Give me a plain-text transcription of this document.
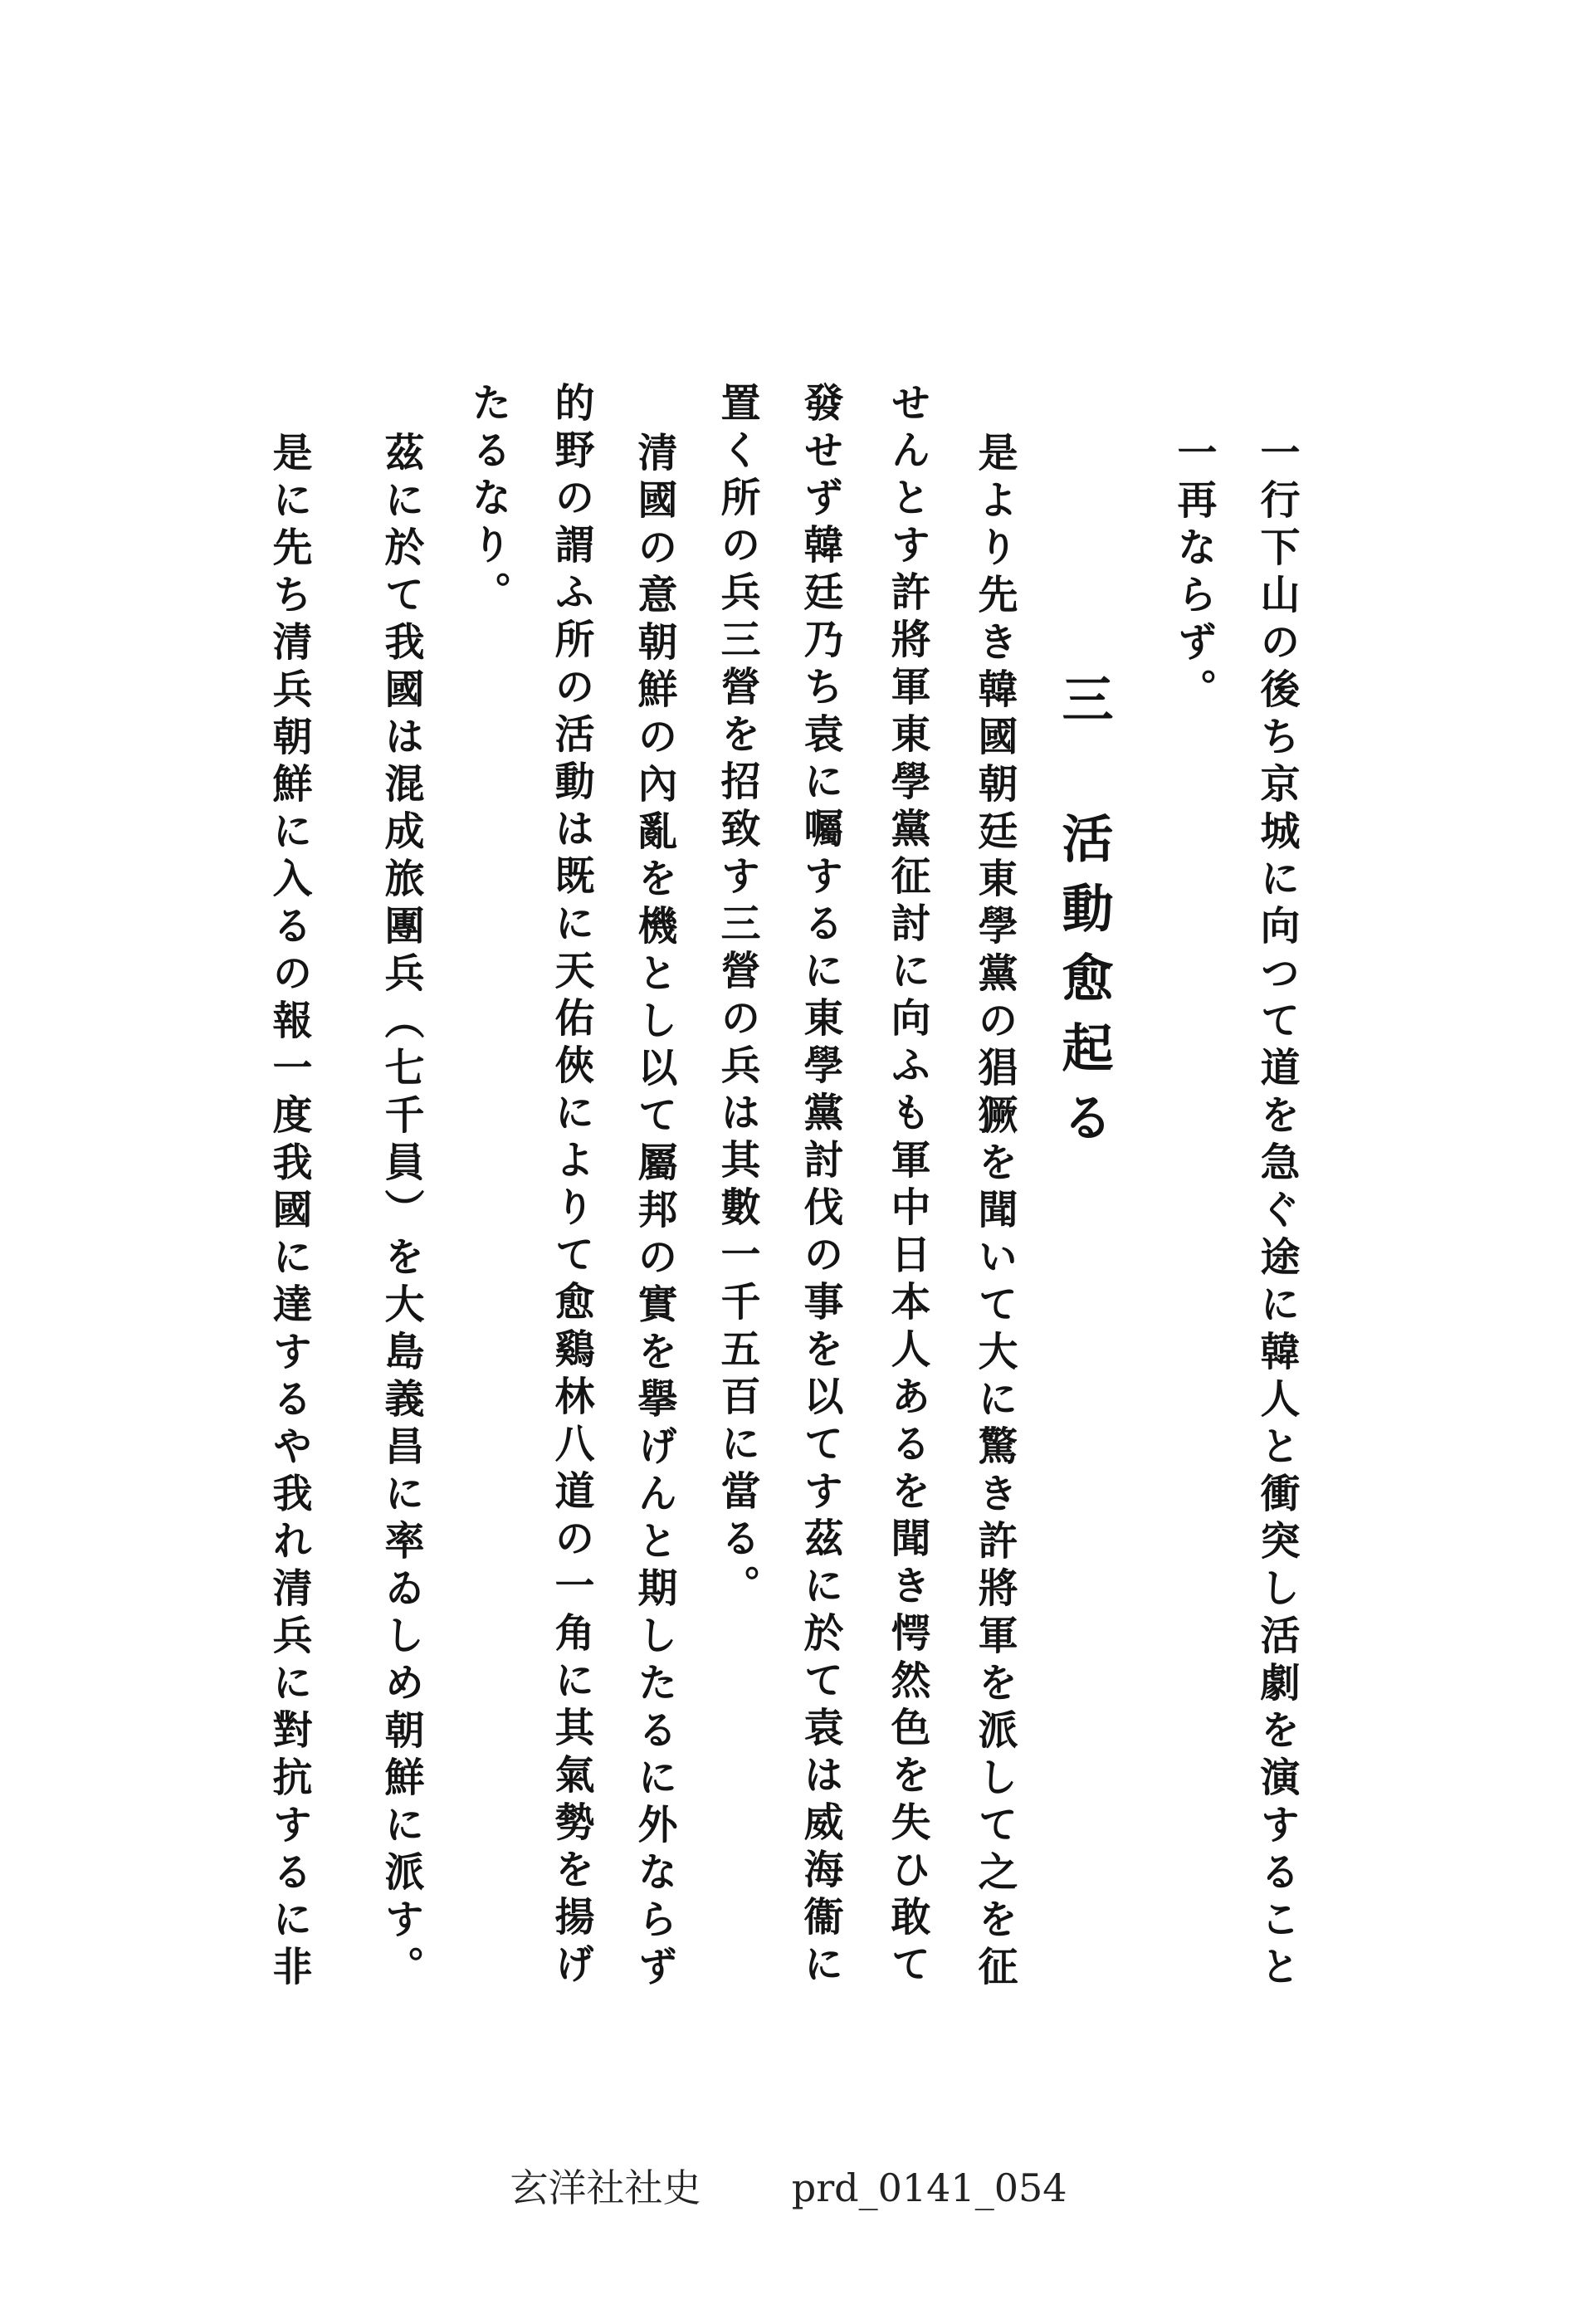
一行下山の後ち京城に向つて道を急ぐ途に韓人と衝突し活劇を演すること
一再ならず。
三　活動愈起る
是より先き韓國朝廷東學黨の猖獗を聞いて大に驚き許將軍を派して之を征
せんとす許將軍東學黨征討に向ふも軍中日本人あるを聞き愕然色を失ひ敢て
發せず韓廷乃ち袁に囑するに東學黨討伐の事を以てす茲に於て袁は威海衞に
置く所の兵三營を招致す三營の兵は其數一千五百に當る。
清國の意朝鮮の內亂を機とし以て屬邦の實を擧げんと期したるに外ならず
的野の謂ふ所の活動は既に天佑俠によりて愈鷄林八道の一角に其氣勢を揚げ
たるなり。
茲に於て我國は混成旅團兵（七千員）を大島義昌に率ゐしめ朝鮮に派す。
是に先ち清兵朝鮮に入るの報一度我國に達するや我れ清兵に對抗するに非
玄洋社社史 prd_0141_054
